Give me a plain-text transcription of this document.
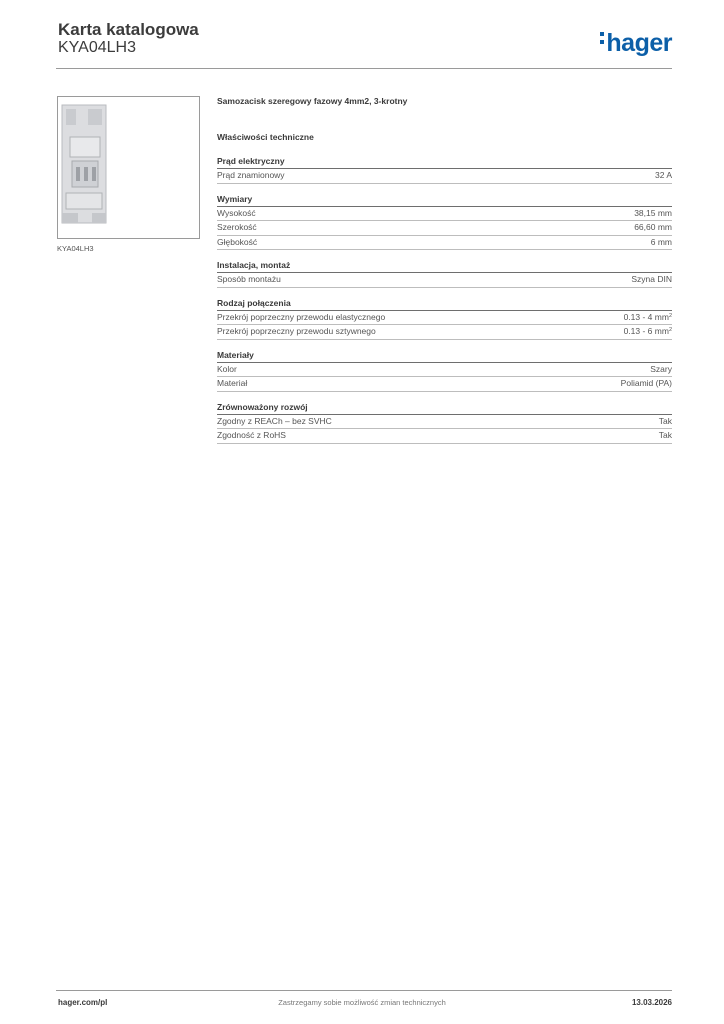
Karta katalogowa
KYA04LH3	hager
KYA04LH3
Samozacisk szeregowy fazowy 4mm2, 3-krotny
Właściwości techniczne
Prąd elektryczny
Prąd znamionowy	32 A
Wymiary
Wysokość	38,15 mm
Szerokość	66,60 mm
Głębokość	6 mm
Instalacja, montaż
Sposób montażu	Szyna DIN
Rodzaj połączenia
Przekrój poprzeczny przewodu elastycznego	0.13 - 4 $mm^2$
Przekrój poprzeczny przewodu sztywnego	0.13 - 6 $mm^2$
Materiały
Kolor	Szary
Materiał	Poliamid (PA)
Zrównoważony rozwój
Zgodny z REACh – bez SVHC	Tak
Zgodność z RoHS	Tak
Zastrzegamy sobie możliwość zmian technicznych
hager.com/pl	13.03.2026
